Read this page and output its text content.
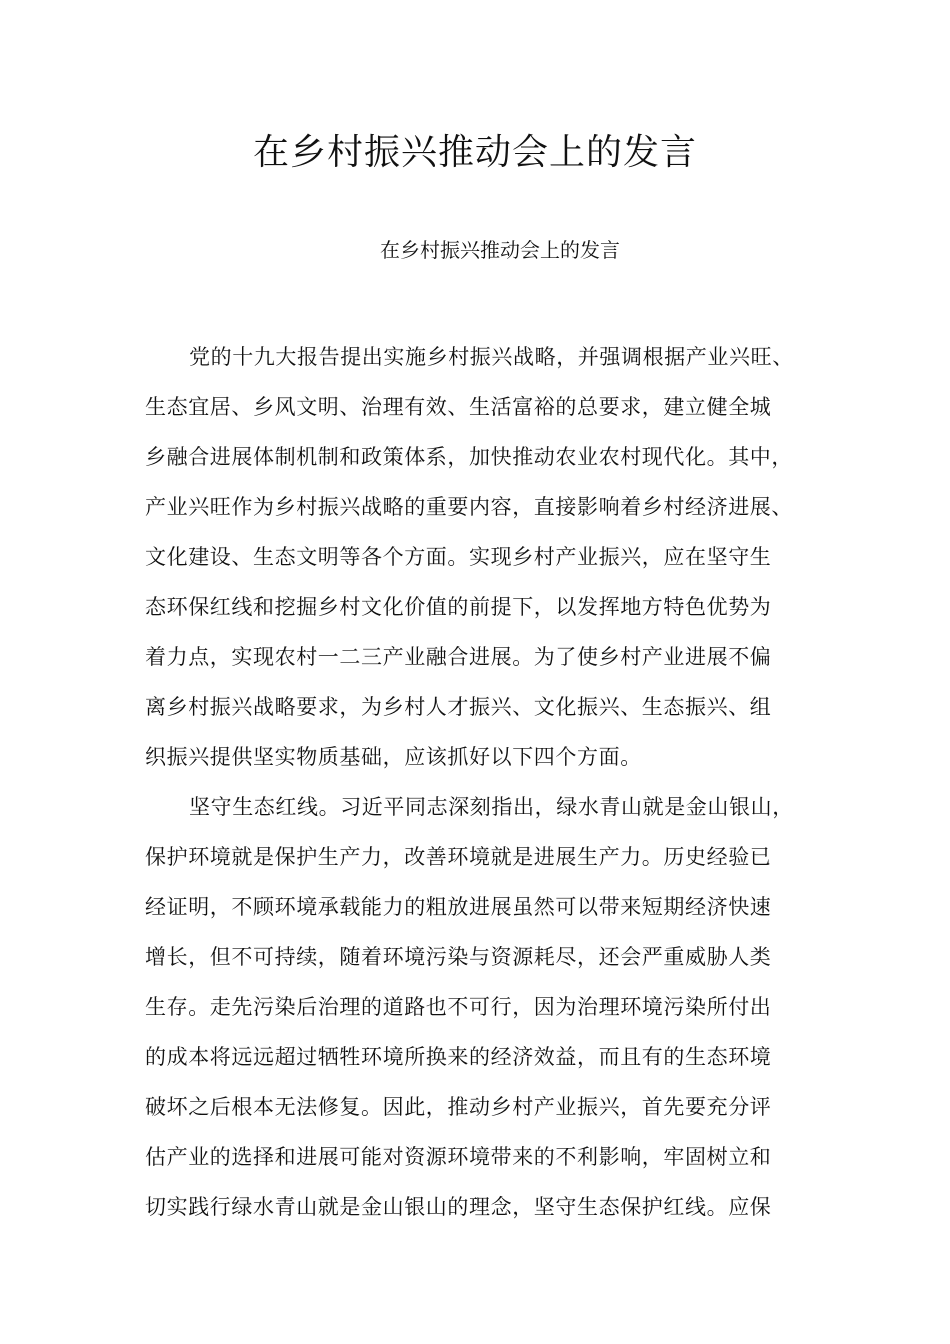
在乡村振兴推动会上的发言

在乡村振兴推动会上的发言

党的十九大报告提出实施乡村振兴战略，并强调根据产业兴旺、
生态宜居、乡风文明、治理有效、生活富裕的总要求，建立健全城
乡融合进展体制机制和政策体系，加快推动农业农村现代化。其中，
产业兴旺作为乡村振兴战略的重要内容，直接影响着乡村经济进展、
文化建设、生态文明等各个方面。实现乡村产业振兴，应在坚守生
态环保红线和挖掘乡村文化价值的前提下，以发挥地方特色优势为
着力点，实现农村一二三产业融合进展。为了使乡村产业进展不偏
离乡村振兴战略要求，为乡村人才振兴、文化振兴、生态振兴、组
织振兴提供坚实物质基础，应该抓好以下四个方面。
坚守生态红线。习近平同志深刻指出，绿水青山就是金山银山，
保护环境就是保护生产力，改善环境就是进展生产力。历史经验已
经证明，不顾环境承载能力的粗放进展虽然可以带来短期经济快速
增长，但不可持续，随着环境污染与资源耗尽，还会严重威胁人类
生存。走先污染后治理的道路也不可行，因为治理环境污染所付出
的成本将远远超过牺牲环境所换来的经济效益，而且有的生态环境
破坏之后根本无法修复。因此，推动乡村产业振兴，首先要充分评
估产业的选择和进展可能对资源环境带来的不利影响，牢固树立和
切实践行绿水青山就是金山银山的理念，坚守生态保护红线。应保
